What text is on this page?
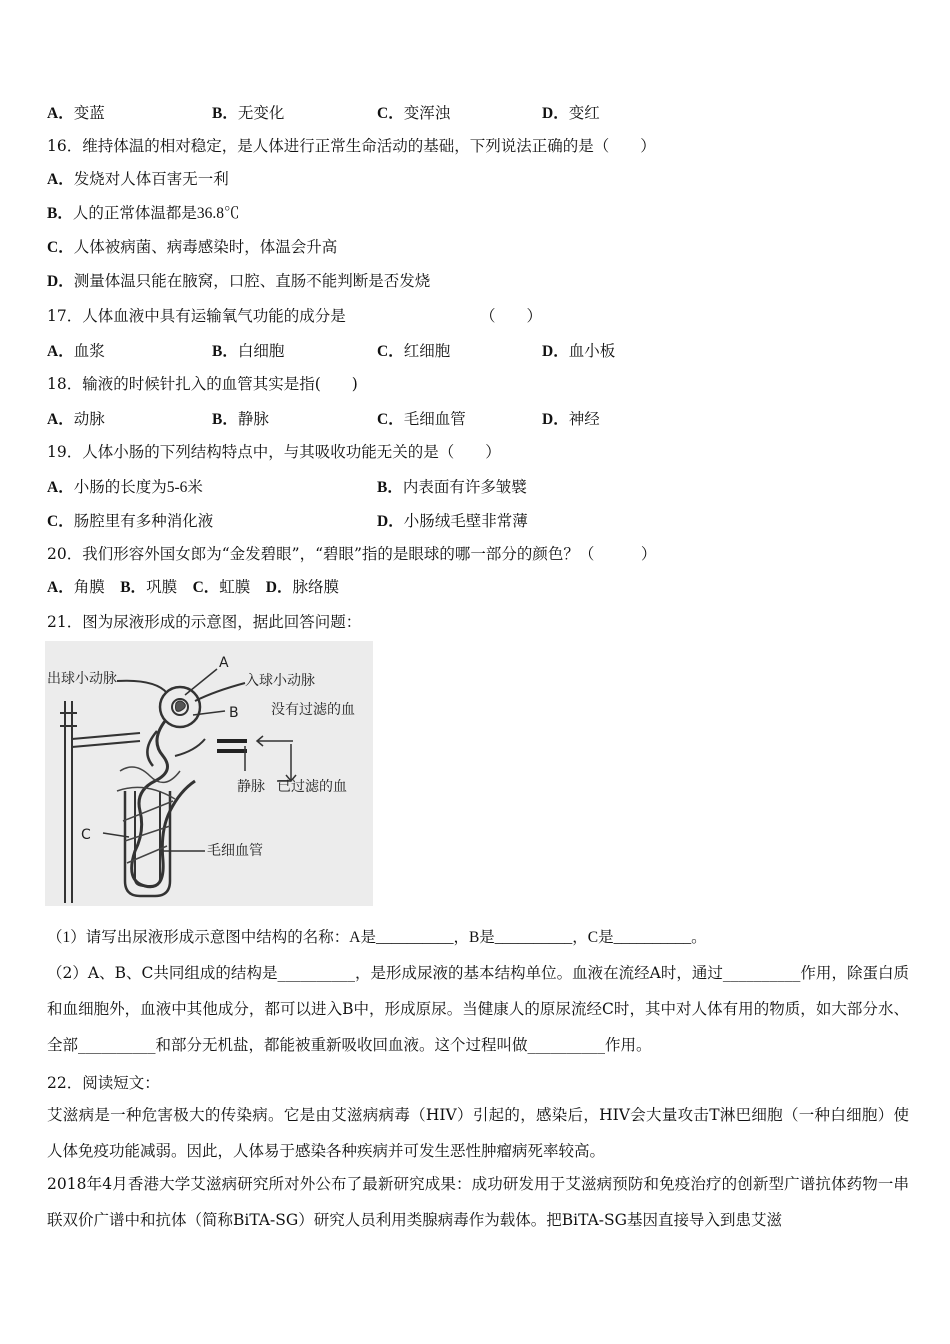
A．变蓝	B．无变化	C．变浑浊	D．变红
16．维持体温的相对稳定，是人体进行正常生命活动的基础，下列说法正确的是（　　）
A．发烧对人体百害无一利
B．人的正常体温都是36.8℃
C．人体被病菌、病毒感染时，体温会升高
D．测量体温只能在腋窝，口腔、直肠不能判断是否发烧
17．人体血液中具有运输氧气功能的成分是	（　　）
A．血浆	B．白细胞	C．红细胞	D．血小板
18．输液的时候针扎入的血管其实是指(　　)
A．动脉	B．静脉	C．毛细血管	D．神经
19．人体小肠的下列结构特点中，与其吸收功能无关的是（　　）
A．小肠的长度为5-6米	B．内表面有许多皱襞
C．肠腔里有多种消化液	D．小肠绒毛壁非常薄
20．我们形容外国女郎为“金发碧眼”，“碧眼”指的是眼球的哪一部分的颜色？（　　　）
A．角膜 B．巩膜 C．虹膜 D．脉络膜
21．图为尿液形成的示意图，据此回答问题：
出球小动脉
A
入球小动脉
B 没有过滤的血
静脉 已过滤的血
C
毛细血管
（1）请写出尿液形成示意图中结构的名称：A是__________，B是__________，C是__________。
（2）A、B、C共同组成的结构是__________，是形成尿液的基本结构单位。血液在流经A时，通过__________作用，除蛋白质和血细胞外，血液中其他成分，都可以进入B中，形成原尿。当健康人的原尿流经C时，其中对人体有用的物质，如大部分水、全部__________和部分无机盐，都能被重新吸收回血液。这个过程叫做__________作用。
22．阅读短文：
艾滋病是一种危害极大的传染病。它是由艾滋病病毒（HIV）引起的，感染后，HIV会大量攻击T淋巴细胞（一种白细胞）使人体免疫功能减弱。因此，人体易于感染各种疾病并可发生恶性肿瘤病死率较高。
2018年4月香港大学艾滋病研究所对外公布了最新研究成果：成功研发用于艾滋病预防和免疫治疗的创新型广谱抗体药物一串联双价广谱中和抗体（简称BiTA-SG）研究人员利用类腺病毒作为载体。把BiTA-SG基因直接导入到患艾滋
